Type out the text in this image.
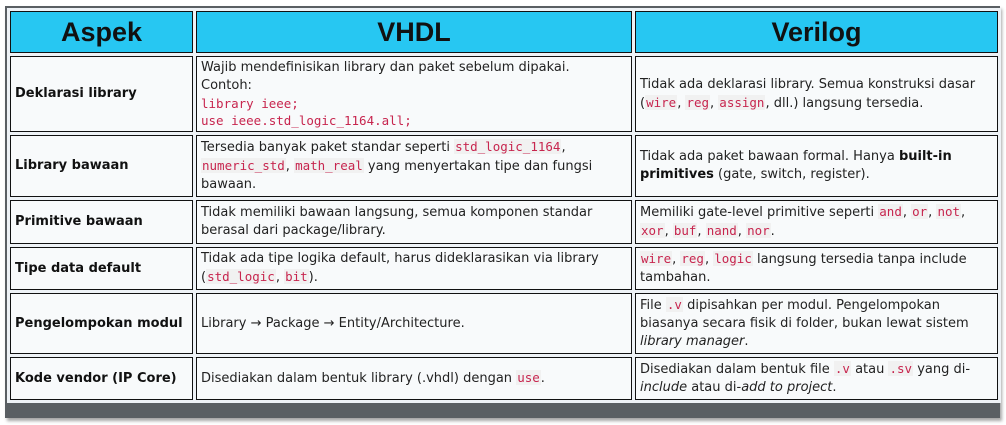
Aspek	VHDL	Verilog
Deklarasi library	Wajib mendefinisikan library dan paket sebelum dipakai.
Contoh:
library ieee;
use ieee.std_logic_1164.all;	Tidak ada deklarasi library. Semua konstruksi dasar (wire, reg, assign, dll.) langsung tersedia.
Library bawaan	Tersedia banyak paket standar seperti std_logic_1164, numeric_std, math_real yang menyertakan tipe dan fungsi bawaan.	Tidak ada paket bawaan formal. Hanya built-in primitives (gate, switch, register).
Primitive bawaan	Tidak memiliki bawaan langsung, semua komponen standar berasal dari package/library.	Memiliki gate-level primitive seperti and, or, not, xor, buf, nand, nor.
Tipe data default	Tidak ada tipe logika default, harus dideklarasikan via library (std_logic, bit).	wire, reg, logic langsung tersedia tanpa include tambahan.
Pengelompokan modul	Library → Package → Entity/Architecture.	File .v dipisahkan per modul. Pengelompokan biasanya secara fisik di folder, bukan lewat sistem library manager.
Kode vendor (IP Core)	Disediakan dalam bentuk library (.vhdl) dengan use.	Disediakan dalam bentuk file .v atau .sv yang di-include atau di-add to project.
